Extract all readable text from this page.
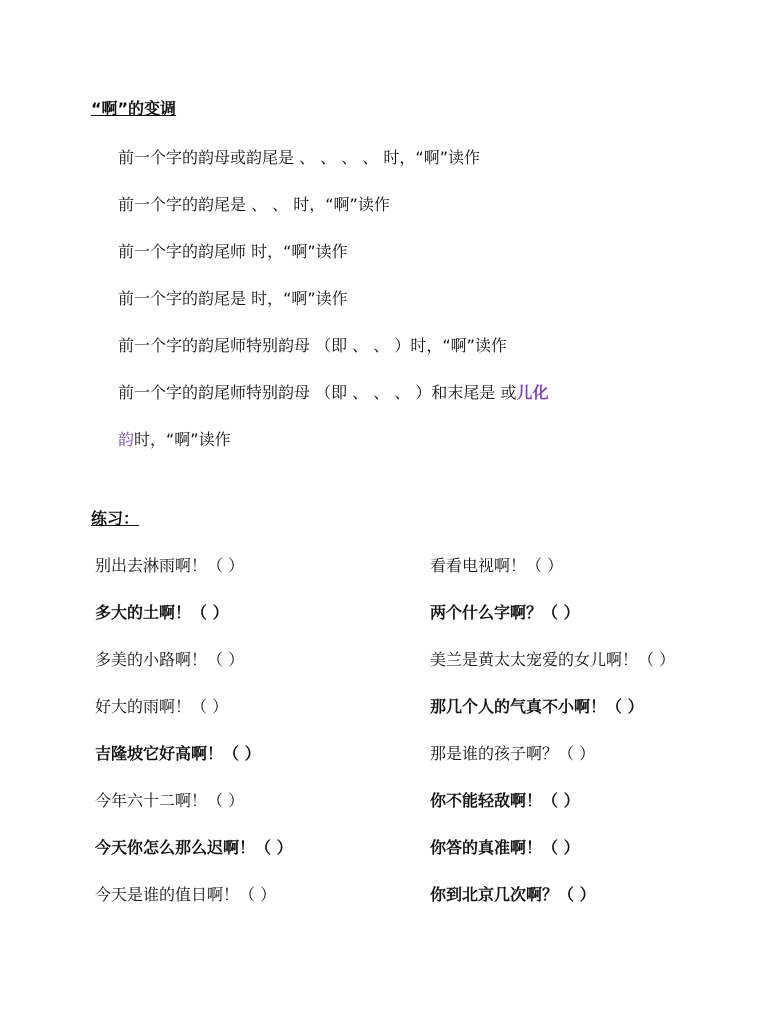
“啊”的变调
前一个字的韵母或韵尾是 、 、 、 、 时，“啊”读作
前一个字的韵尾是 、 、 时，“啊”读作
前一个字的韵尾师 时，“啊”读作
前一个字的韵尾是 时，“啊”读作
前一个字的韵尾师特别韵母 （即 、 、 ）时，“啊”读作
前一个字的韵尾师特别韵母 （即 、 、 、 ）和末尾是 或儿化
韵时，“啊”读作
练习：
别出去淋雨啊！（ ）
多大的土啊！（ ）
多美的小路啊！（ ）
好大的雨啊！（ ）
吉隆坡它好高啊！（ ）
今年六十二啊！（ ）
今天你怎么那么迟啊！（ ）
今天是谁的值日啊！（ ）
看看电视啊！（ ）
两个什么字啊？（ ）
美兰是黄太太宠爱的女儿啊！（ ）
那几个人的气真不小啊！（ ）
那是谁的孩子啊？（ ）
你不能轻敌啊！（ ）
你答的真准啊！（ ）
你到北京几次啊？（ ）
